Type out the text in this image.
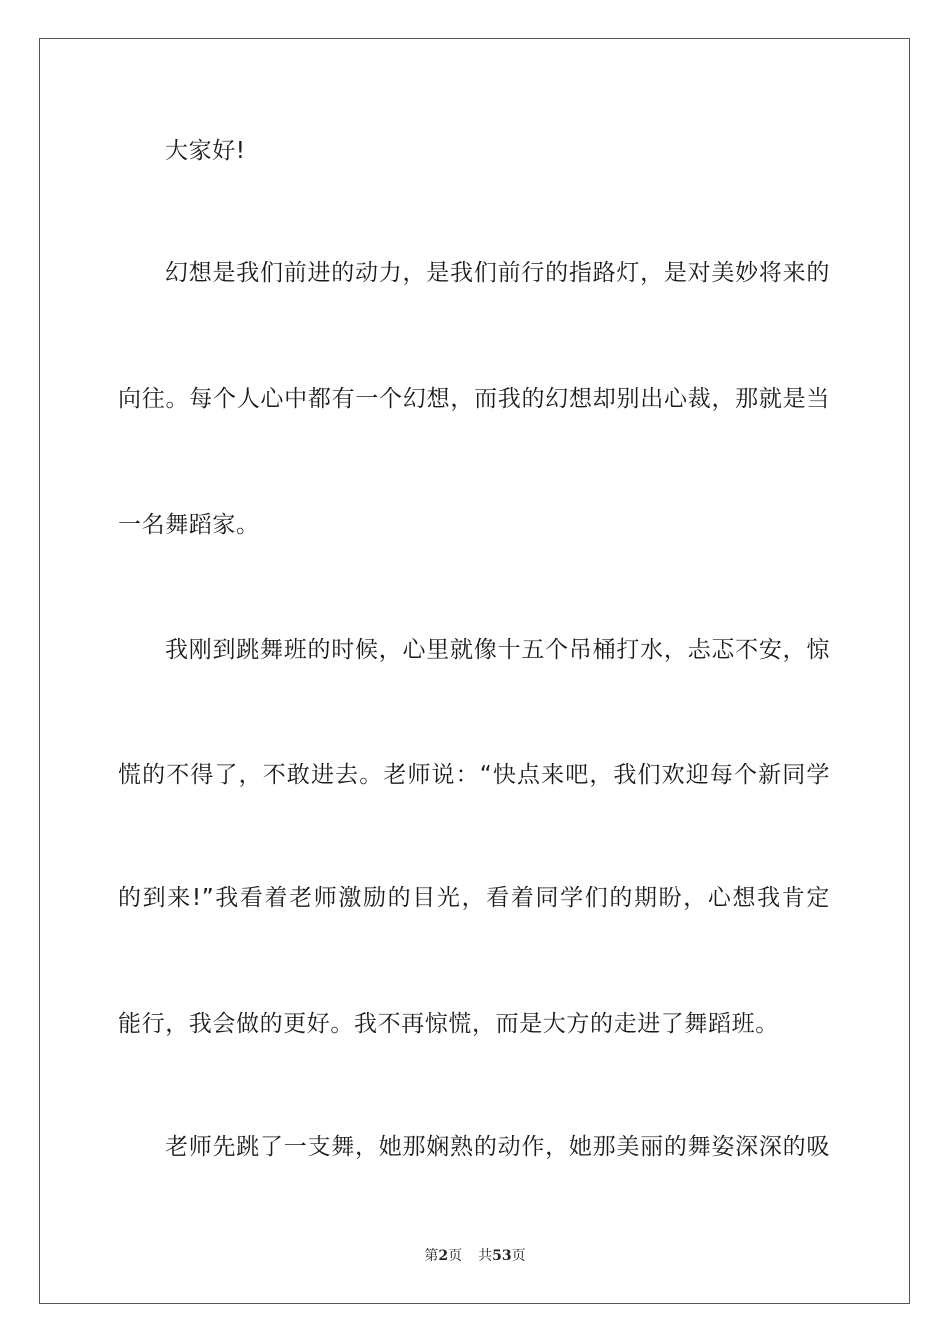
大家好!
幻想是我们前进的动力，是我们前行的指路灯，是对美妙将来的
向往。每个人心中都有一个幻想，而我的幻想却别出心裁，那就是当
一名舞蹈家。
我刚到跳舞班的时候，心里就像十五个吊桶打水，忐忑不安，惊
慌的不得了，不敢进去。老师说：“快点来吧，我们欢迎每个新同学
的到来!”我看着老师激励的目光，看着同学们的期盼，心想我肯定
能行，我会做的更好。我不再惊慌，而是大方的走进了舞蹈班。
老师先跳了一支舞，她那娴熟的动作，她那美丽的舞姿深深的吸
第2页 共53页
